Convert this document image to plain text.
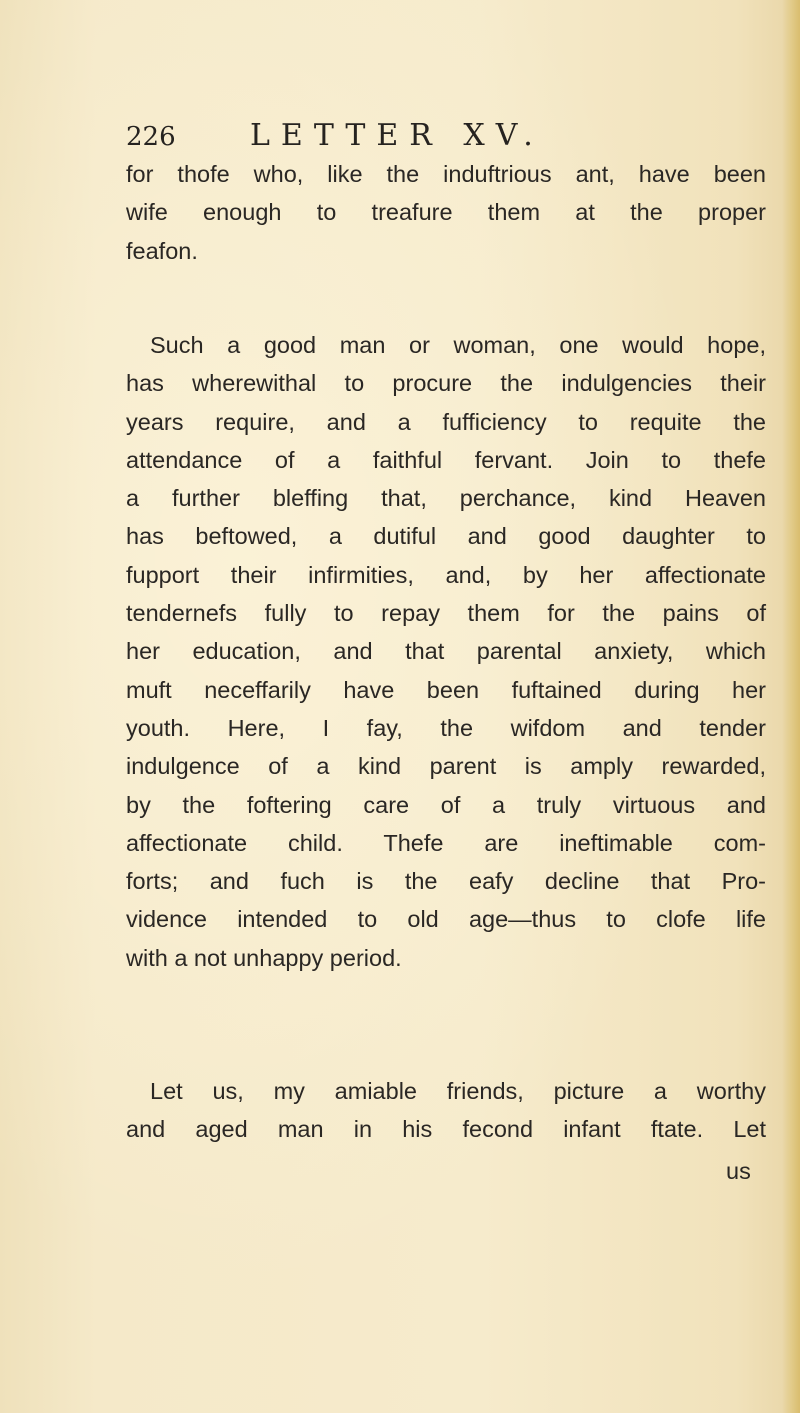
226 LETTER XV.
for thofe who, like the induftrious ant, have been
wife enough to treafure them at the proper
feafon.
Such a good man or woman, one would hope,
has wherewithal to procure the indulgencies their
years require, and a fufficiency to requite the
attendance of a faithful fervant. Join to thefe
a further bleffing that, perchance, kind Heaven
has beftowed, a dutiful and good daughter to
fupport their infirmities, and, by her affectionate
tendernefs fully to repay them for the pains of
her education, and that parental anxiety, which
muft neceffarily have been fuftained during her
youth. Here, I fay, the wifdom and tender
indulgence of a kind parent is amply rewarded,
by the foftering care of a truly virtuous and
affectionate child. Thefe are ineftimable com-
forts; and fuch is the eafy decline that Pro-
vidence intended to old age—thus to clofe life
with a not unhappy period.
Let us, my amiable friends, picture a worthy
and aged man in his fecond infant ftate. Let
us
